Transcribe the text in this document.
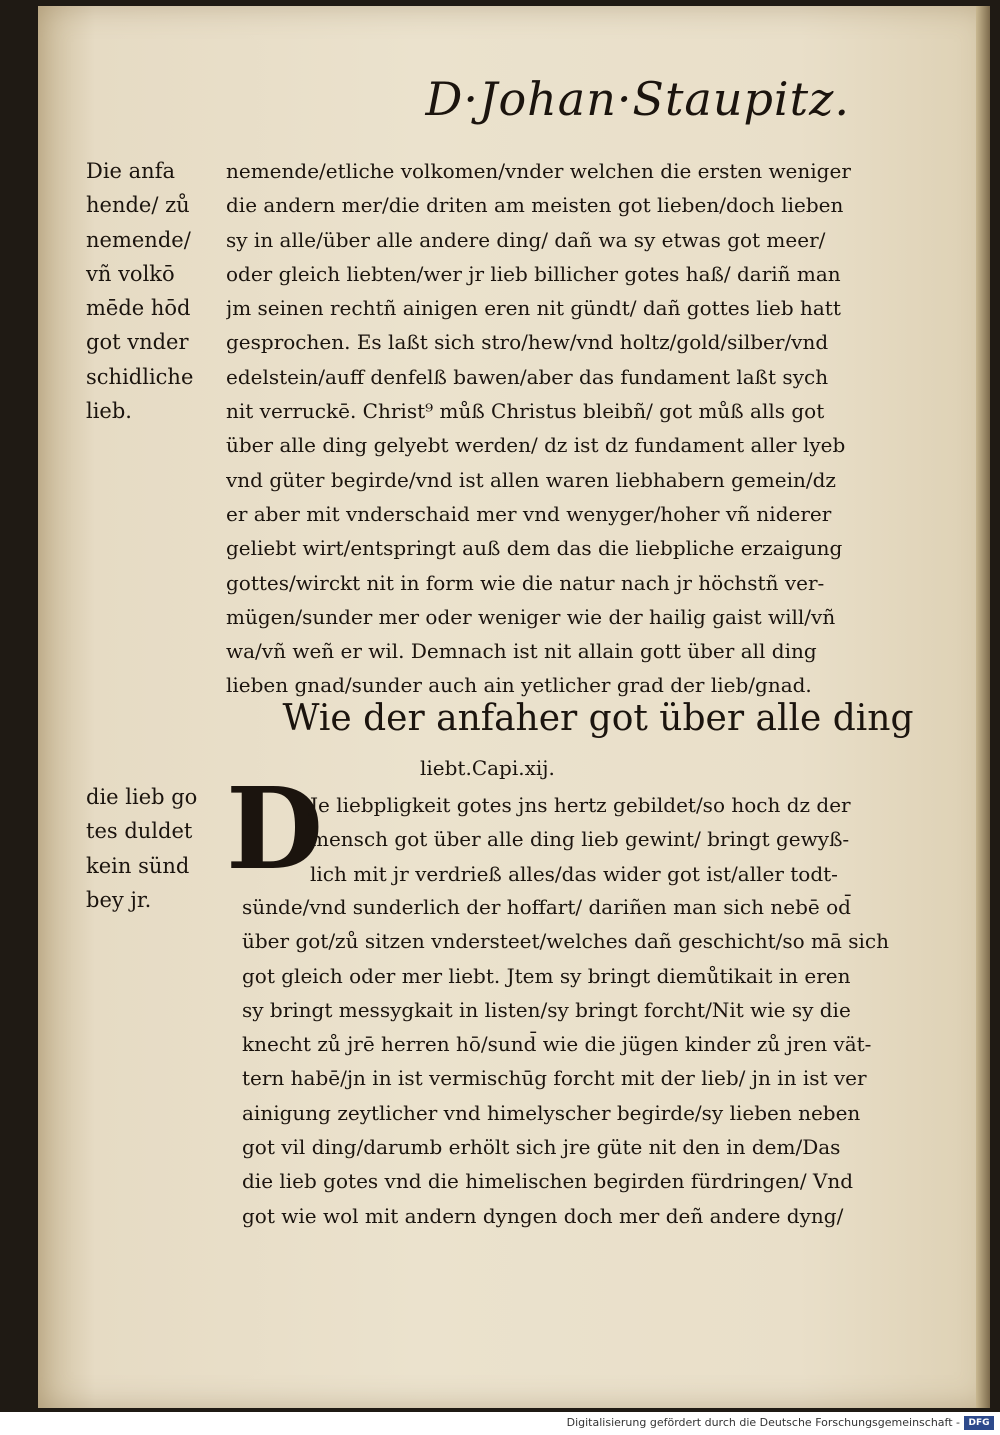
D·Johan·Staupitz.
Die anfa
hende/ zů
nemende/
vñ volkō
mēde hōd
got vnder
schidliche
lieb.
nemende/etliche volkomen/vnder welchen die ersten weniger
die andern mer/die driten am meisten got lieben/doch lieben
sy in alle/über alle andere ding/ dañ wa sy etwas got meer/
oder gleich liebten/wer jr lieb billicher gotes haß/ dariñ man
jm seinen rechtñ ainigen eren nit gündt/ dañ gottes lieb hatt
gesprochen. Es laßt sich stro/hew/vnd holtz/gold/silber/vnd
edelstein/auff denfelß bawen/aber das fundament laßt sych
nit verruckē. Christ⁹ můß Christus bleibñ/ got můß alls got
über alle ding gelyebt werden/ dz ist dz fundament aller lyeb
vnd güter begirde/vnd ist allen waren liebhabern gemein/dz
er aber mit vnderschaid mer vnd wenyger/hoher vñ niderer
geliebt wirt/entspringt auß dem das die liebpliche erzaigung
gottes/wirckt nit in form wie die natur nach jr höchstñ ver-
mügen/sunder mer oder weniger wie der hailig gaist will/vñ
wa/vñ weñ er wil. Demnach ist nit allain gott über all ding
lieben gnad/sunder auch ain yetlicher grad der lieb/gnad.
Wie der anfaher got über alle ding
liebt.Capi.xij.
die lieb go
tes duldet
kein sünd
bey jr.
D
Je liebpligkeit gotes jns hertz gebildet/so hoch dz der
mensch got über alle ding lieb gewint/ bringt gewyß-
lich mit jr verdrieß alles/das wider got ist/aller todt-
sünde/vnd sunderlich der hoffart/ dariñen man sich nebē od̄
über got/zů sitzen vndersteet/welches dañ geschicht/so mā sich
got gleich oder mer liebt. Jtem sy bringt diemůtikait in eren
sy bringt messygkait in listen/sy bringt forcht/Nit wie sy die
knecht zů jrē herren hō/sund̄ wie die jügen kinder zů jren vät-
tern habē/jn in ist vermischūg forcht mit der lieb/ jn in ist ver
ainigung zeytlicher vnd himelyscher begirde/sy lieben neben
got vil ding/darumb erhölt sich jre güte nit den in dem/Das
die lieb gotes vnd die himelischen begirden fürdringen/ Vnd
got wie wol mit andern dyngen doch mer deñ andere dyng/
Digitalisierung gefördert durch die Deutsche Forschungsgemeinschaft - DFG
